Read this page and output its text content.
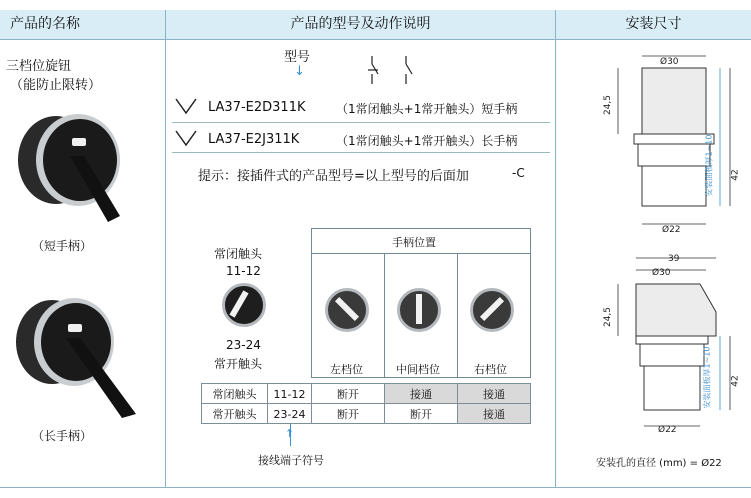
产品的名称	产品的型号及动作说明	安装尺寸
三档位旋钮
（能防止限转）
（短手柄）
（长手柄）
型号
↓
LA37-E2D311K	（1常闭触头+1常开触头）短手柄
LA37-E2J311K	（1常闭触头+1常开触头）长手柄
提示：接插件式的产品型号=以上型号的后面加	-C
常闭触头
11-12
23-24
常开触头
手柄位置
左档位	中间档位	右档位
常闭触头	11-12	断开	接通	接通
常开触头	23-24	断开	断开	接通
↑
接线端子符号
Ø30
24,5
安装面板厚1~10 42
Ø22
39
Ø30
24,5
安装面板厚1~10 42
Ø22
安装孔的直径 (mm) = Ø22
